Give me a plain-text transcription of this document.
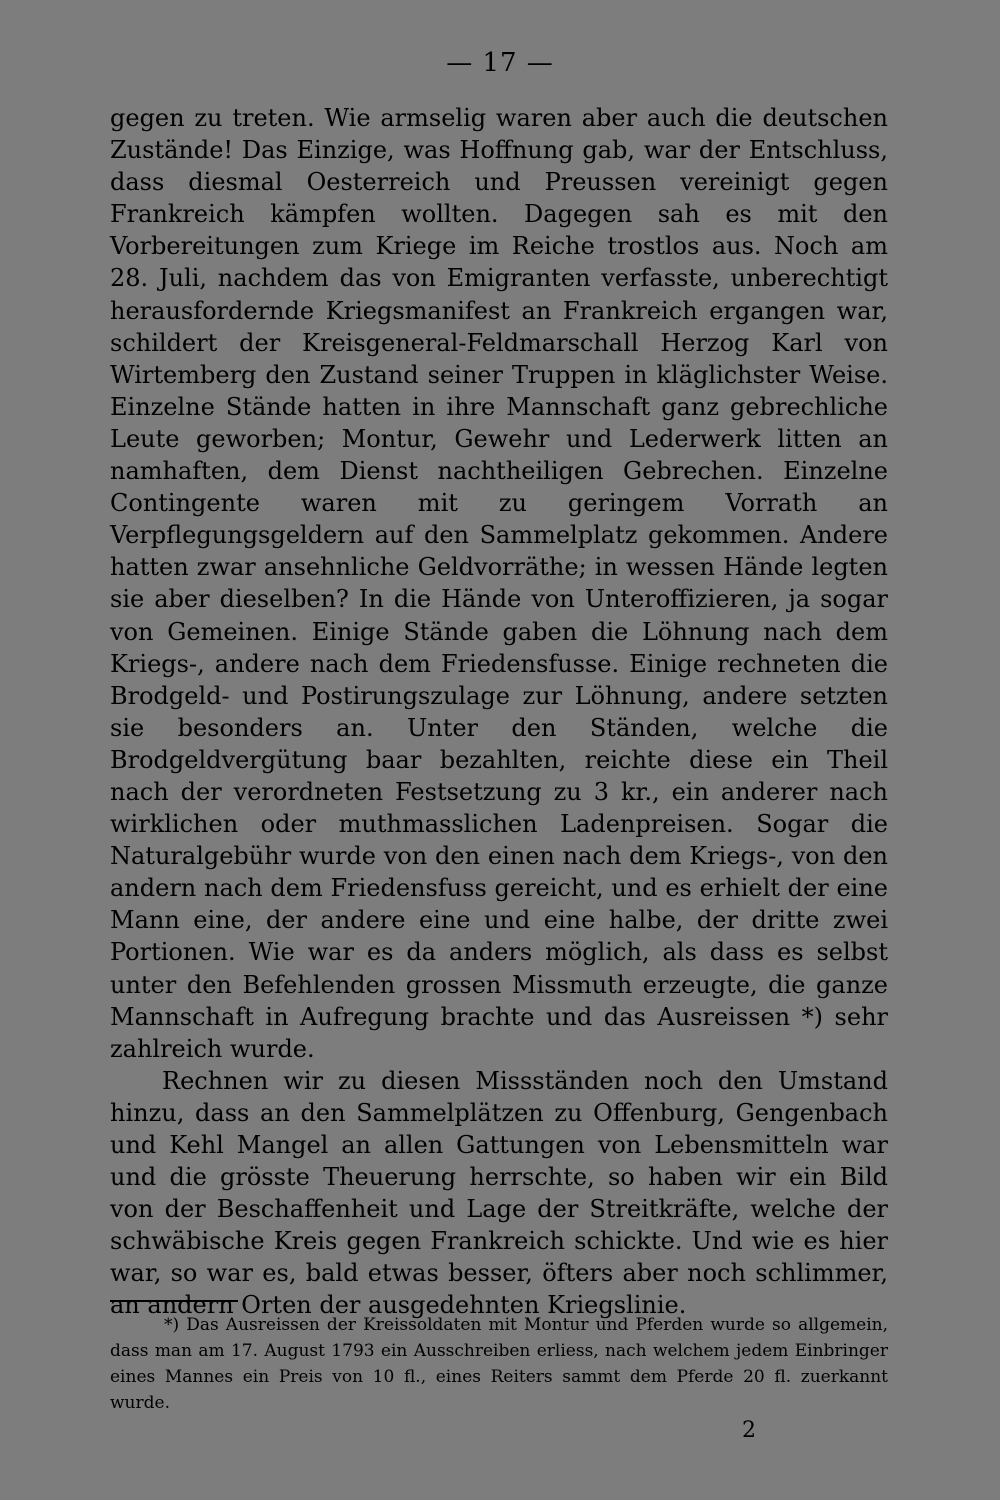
— 17 —

gegen zu treten. Wie armselig waren aber auch die deutschen Zustände! Das Einzige, was Hoffnung gab, war der Entschluss, dass diesmal Oesterreich und Preussen vereinigt gegen Frankreich kämpfen wollten. Dagegen sah es mit den Vorbereitungen zum Kriege im Reiche trostlos aus. Noch am 28. Juli, nachdem das von Emigranten verfasste, unberechtigt herausfordernde Kriegsmanifest an Frankreich ergangen war, schildert der Kreisgeneral-Feldmarschall Herzog Karl von Wirtemberg den Zustand seiner Truppen in kläglichster Weise. Einzelne Stände hatten in ihre Mannschaft ganz gebrechliche Leute geworben; Montur, Gewehr und Lederwerk litten an namhaften, dem Dienst nachtheiligen Gebrechen. Einzelne Contingente waren mit zu geringem Vorrath an Verpflegungsgeldern auf den Sammelplatz gekommen. Andere hatten zwar ansehnliche Geldvorräthe; in wessen Hände legten sie aber dieselben? In die Hände von Unteroffizieren, ja sogar von Gemeinen. Einige Stände gaben die Löhnung nach dem Kriegs-, andere nach dem Friedensfusse. Einige rechneten die Brodgeld- und Postirungszulage zur Löhnung, andere setzten sie besonders an. Unter den Ständen, welche die Brodgeldvergütung baar bezahlten, reichte diese ein Theil nach der verordneten Festsetzung zu 3 kr., ein anderer nach wirklichen oder muthmasslichen Ladenpreisen. Sogar die Naturalgebühr wurde von den einen nach dem Kriegs-, von den andern nach dem Friedensfuss gereicht, und es erhielt der eine Mann eine, der andere eine und eine halbe, der dritte zwei Portionen. Wie war es da anders möglich, als dass es selbst unter den Befehlenden grossen Missmuth erzeugte, die ganze Mannschaft in Aufregung brachte und das Ausreissen *) sehr zahlreich wurde.

Rechnen wir zu diesen Missständen noch den Umstand hinzu, dass an den Sammelplätzen zu Offenburg, Gengenbach und Kehl Mangel an allen Gattungen von Lebensmitteln war und die grösste Theuerung herrschte, so haben wir ein Bild von der Beschaffenheit und Lage der Streitkräfte, welche der schwäbische Kreis gegen Frankreich schickte. Und wie es hier war, so war es, bald etwas besser, öfters aber noch schlimmer, an andern Orten der ausgedehnten Kriegslinie.

*) Das Ausreissen der Kreissoldaten mit Montur und Pferden wurde so allgemein, dass man am 17. August 1793 ein Ausschreiben erliess, nach welchem jedem Einbringer eines Mannes ein Preis von 10 fl., eines Reiters sammt dem Pferde 20 fl. zuerkannt wurde.
2
